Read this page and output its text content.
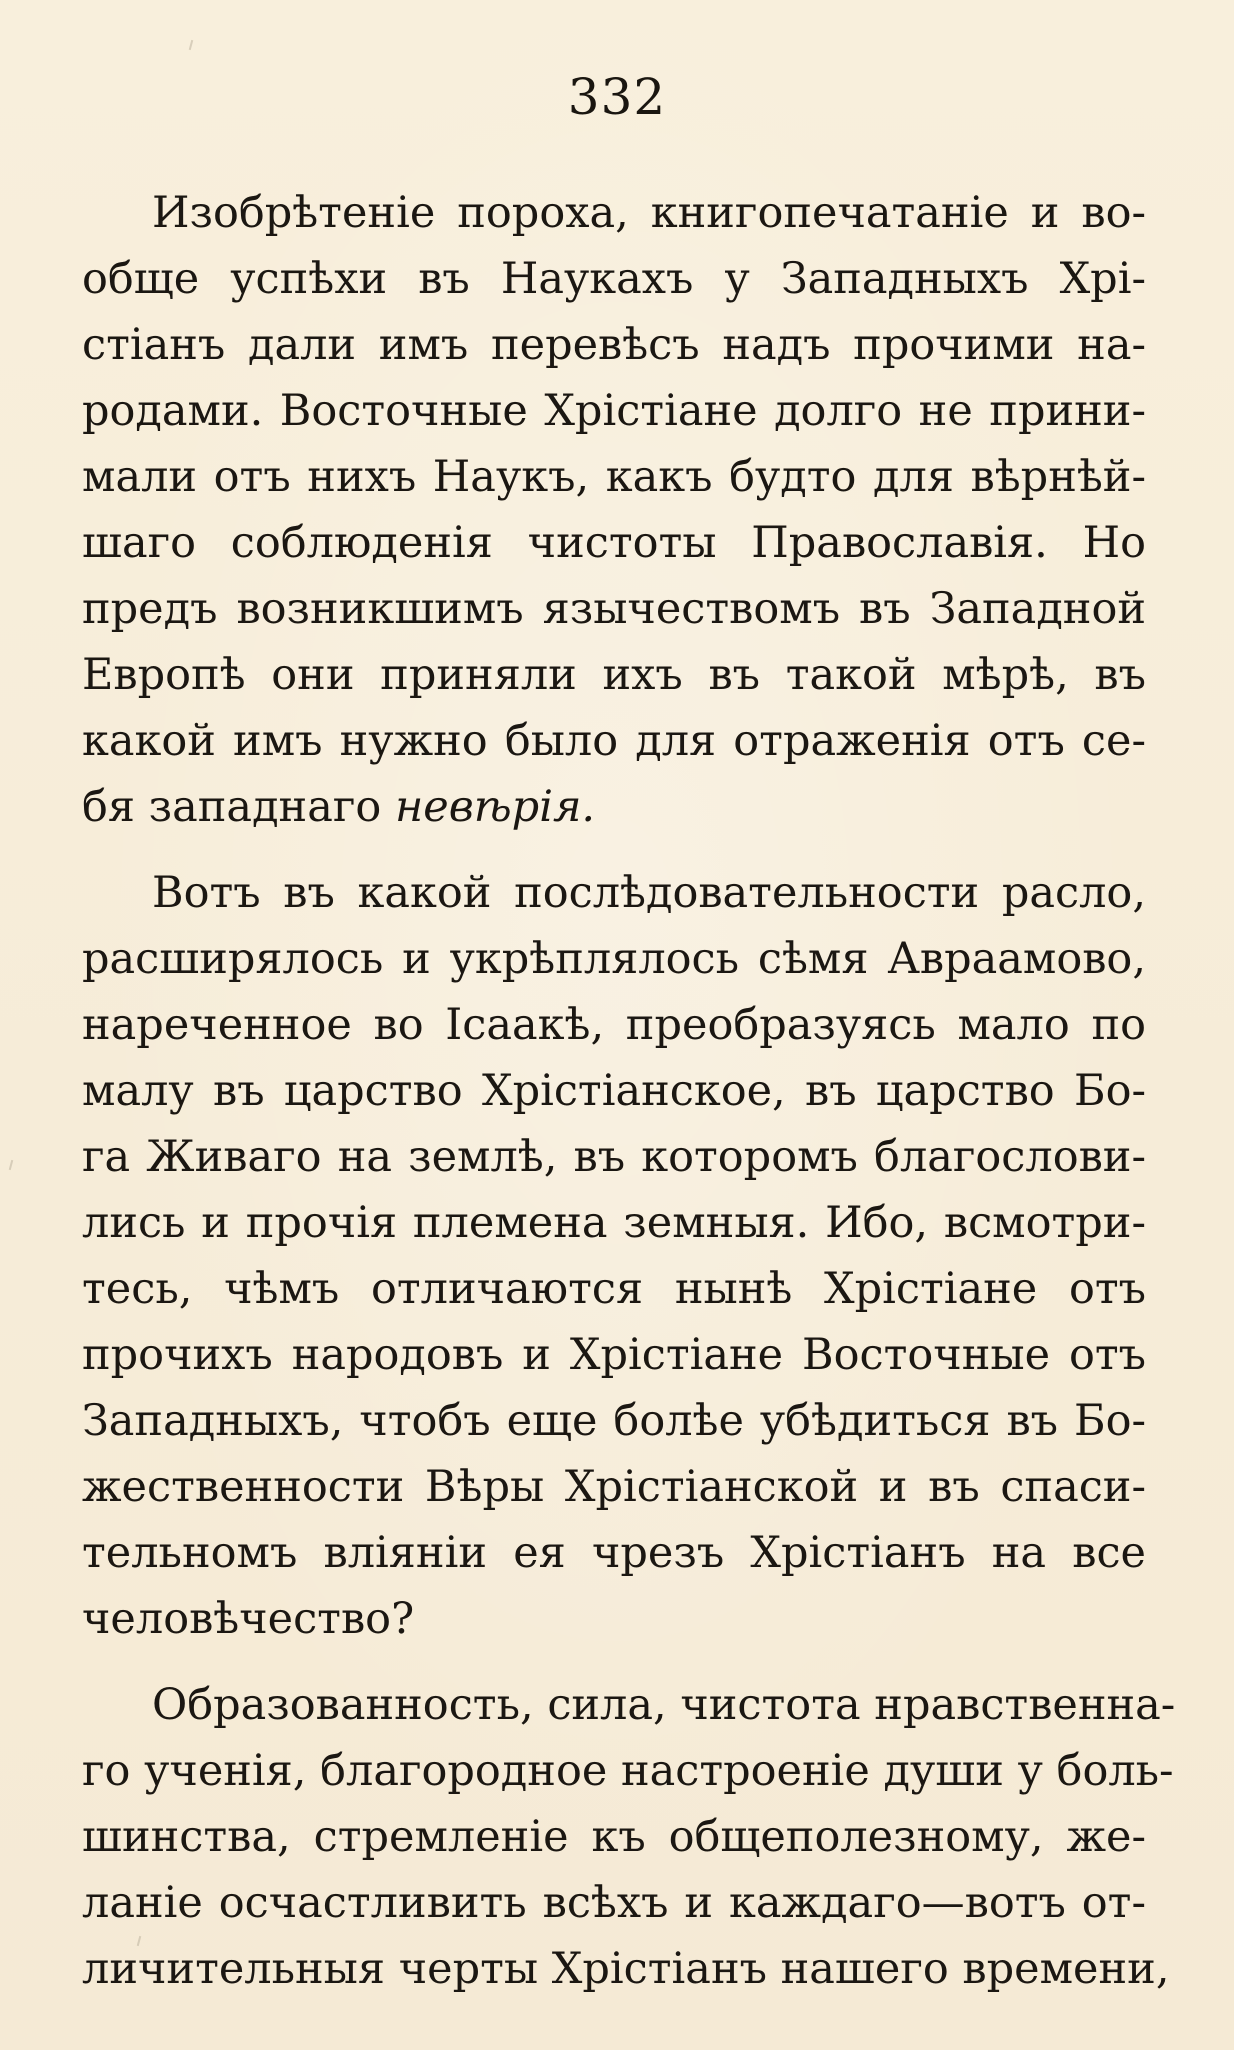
332
Изобрѣтеніе пороха, книгопечатаніе и во-
обще успѣхи въ Наукахъ у Западныхъ Хрі-
стіанъ дали имъ перевѣсъ надъ прочими на-
родами. Восточные Хрістіане долго не прини-
мали отъ нихъ Наукъ, какъ будто для вѣрнѣй-
шаго соблюденія чистоты Православія. Но
предъ возникшимъ язычествомъ въ Западной
Европѣ они приняли ихъ въ такой мѣрѣ, въ
какой имъ нужно было для отраженія отъ се-
бя западнаго невѣрія.
Вотъ въ какой послѣдовательности расло,
расширялось и укрѣплялось сѣмя Авраамово,
нареченное во Ісаакѣ, преобразуясь мало по
малу въ царство Хрістіанское, въ царство Бо-
га Живаго на землѣ, въ которомъ благослови-
лись и прочія племена земныя. Ибо, всмотри-
тесь, чѣмъ отличаются нынѣ Хрістіане отъ
прочихъ народовъ и Хрістіане Восточные отъ
Западныхъ, чтобъ еще болѣе убѣдиться въ Бо-
жественности Вѣры Хрістіанской и въ спаси-
тельномъ вліяніи ея чрезъ Хрістіанъ на все
человѣчество?
Образованность, сила, чистота нравственна-
го ученія, благородное настроеніе души у боль-
шинства, стремленіе къ общеполезному, же-
ланіе осчастливить всѣхъ и каждаго—вотъ от-
личительныя черты Хрістіанъ нашего времени,
